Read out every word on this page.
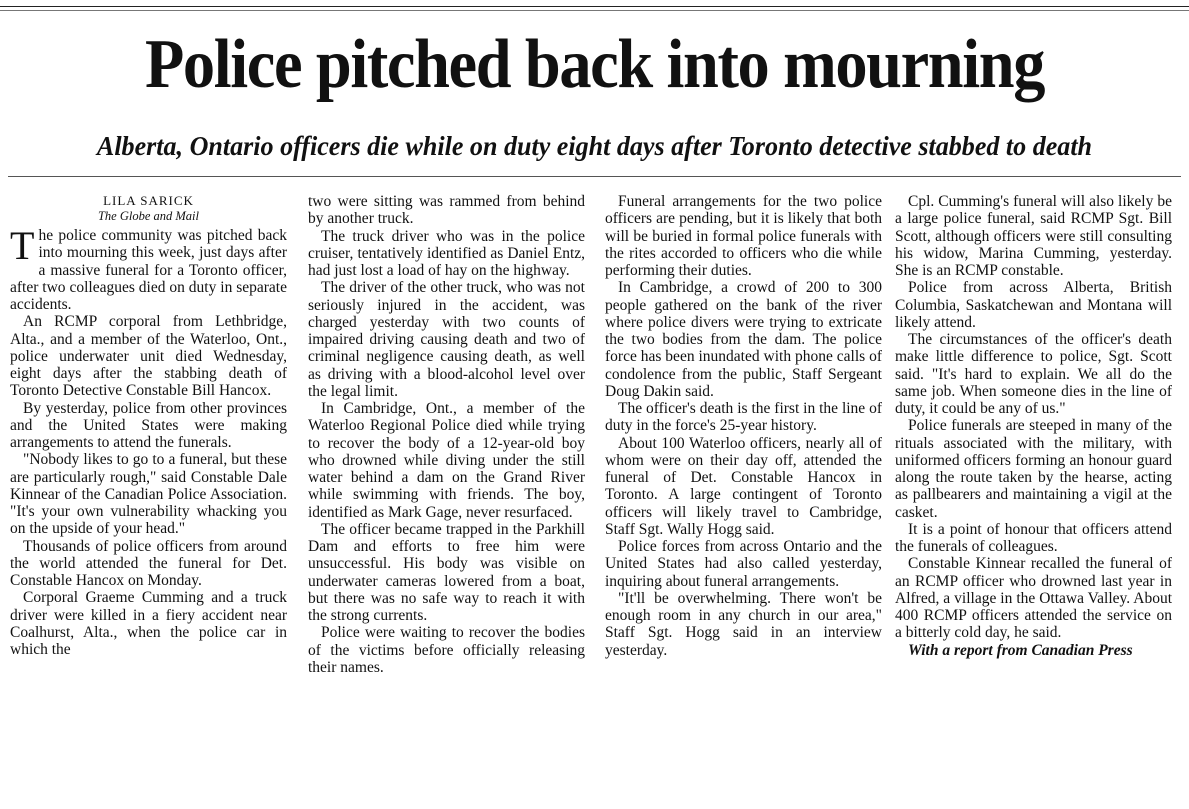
Police pitched back into mourning
Alberta, Ontario officers die while on duty eight days after Toronto detective stabbed to death
LILA SARICK
The Globe and Mail

The police community was pitched back into mourning this week, just days after a massive funeral for a Toronto officer, after two colleagues died on duty in separate accidents.

An RCMP corporal from Lethbridge, Alta., and a member of the Waterloo, Ont., police underwater unit died Wednesday, eight days after the stabbing death of Toronto Detective Constable Bill Hancox.

By yesterday, police from other provinces and the United States were making arrangements to attend the funerals.

"Nobody likes to go to a funeral, but these are particularly rough," said Constable Dale Kinnear of the Canadian Police Association. "It's your own vulnerability whacking you on the upside of your head."

Thousands of police officers from around the world attended the funeral for Det. Constable Hancox on Monday.

Corporal Graeme Cumming and a truck driver were killed in a fiery accident near Coalhurst, Alta., when the police car in which the

two were sitting was rammed from behind by another truck.

The truck driver who was in the police cruiser, tentatively identified as Daniel Entz, had just lost a load of hay on the highway.

The driver of the other truck, who was not seriously injured in the accident, was charged yesterday with two counts of impaired driving causing death and two of criminal negligence causing death, as well as driving with a blood-alcohol level over the legal limit.

In Cambridge, Ont., a member of the Waterloo Regional Police died while trying to recover the body of a 12-year-old boy who drowned while diving under the still water behind a dam on the Grand River while swimming with friends. The boy, identified as Mark Gage, never resurfaced.

The officer became trapped in the Parkhill Dam and efforts to free him were unsuccessful. His body was visible on underwater cameras lowered from a boat, but there was no safe way to reach it with the strong currents.

Police were waiting to recover the bodies of the victims before officially releasing their names.

Funeral arrangements for the two police officers are pending, but it is likely that both will be buried in formal police funerals with the rites accorded to officers who die while performing their duties.

In Cambridge, a crowd of 200 to 300 people gathered on the bank of the river where police divers were trying to extricate the two bodies from the dam. The police force has been inundated with phone calls of condolence from the public, Staff Sergeant Doug Dakin said.

The officer's death is the first in the line of duty in the force's 25-year history.

About 100 Waterloo officers, nearly all of whom were on their day off, attended the funeral of Det. Constable Hancox in Toronto. A large contingent of Toronto officers will likely travel to Cambridge, Staff Sgt. Wally Hogg said.

Police forces from across Ontario and the United States had also called yesterday, inquiring about funeral arrangements.

"It'll be overwhelming. There won't be enough room in any church in our area," Staff Sgt. Hogg said in an interview yesterday.

Cpl. Cumming's funeral will also likely be a large police funeral, said RCMP Sgt. Bill Scott, although officers were still consulting his widow, Marina Cumming, yesterday. She is an RCMP constable.

Police from across Alberta, British Columbia, Saskatchewan and Montana will likely attend.

The circumstances of the officer's death make little difference to police, Sgt. Scott said. "It's hard to explain. We all do the same job. When someone dies in the line of duty, it could be any of us."

Police funerals are steeped in many of the rituals associated with the military, with uniformed officers forming an honour guard along the route taken by the hearse, acting as pallbearers and maintaining a vigil at the casket.

It is a point of honour that officers attend the funerals of colleagues.

Constable Kinnear recalled the funeral of an RCMP officer who drowned last year in Alfred, a village in the Ottawa Valley. About 400 RCMP officers attended the service on a bitterly cold day, he said.

With a report from Canadian Press
